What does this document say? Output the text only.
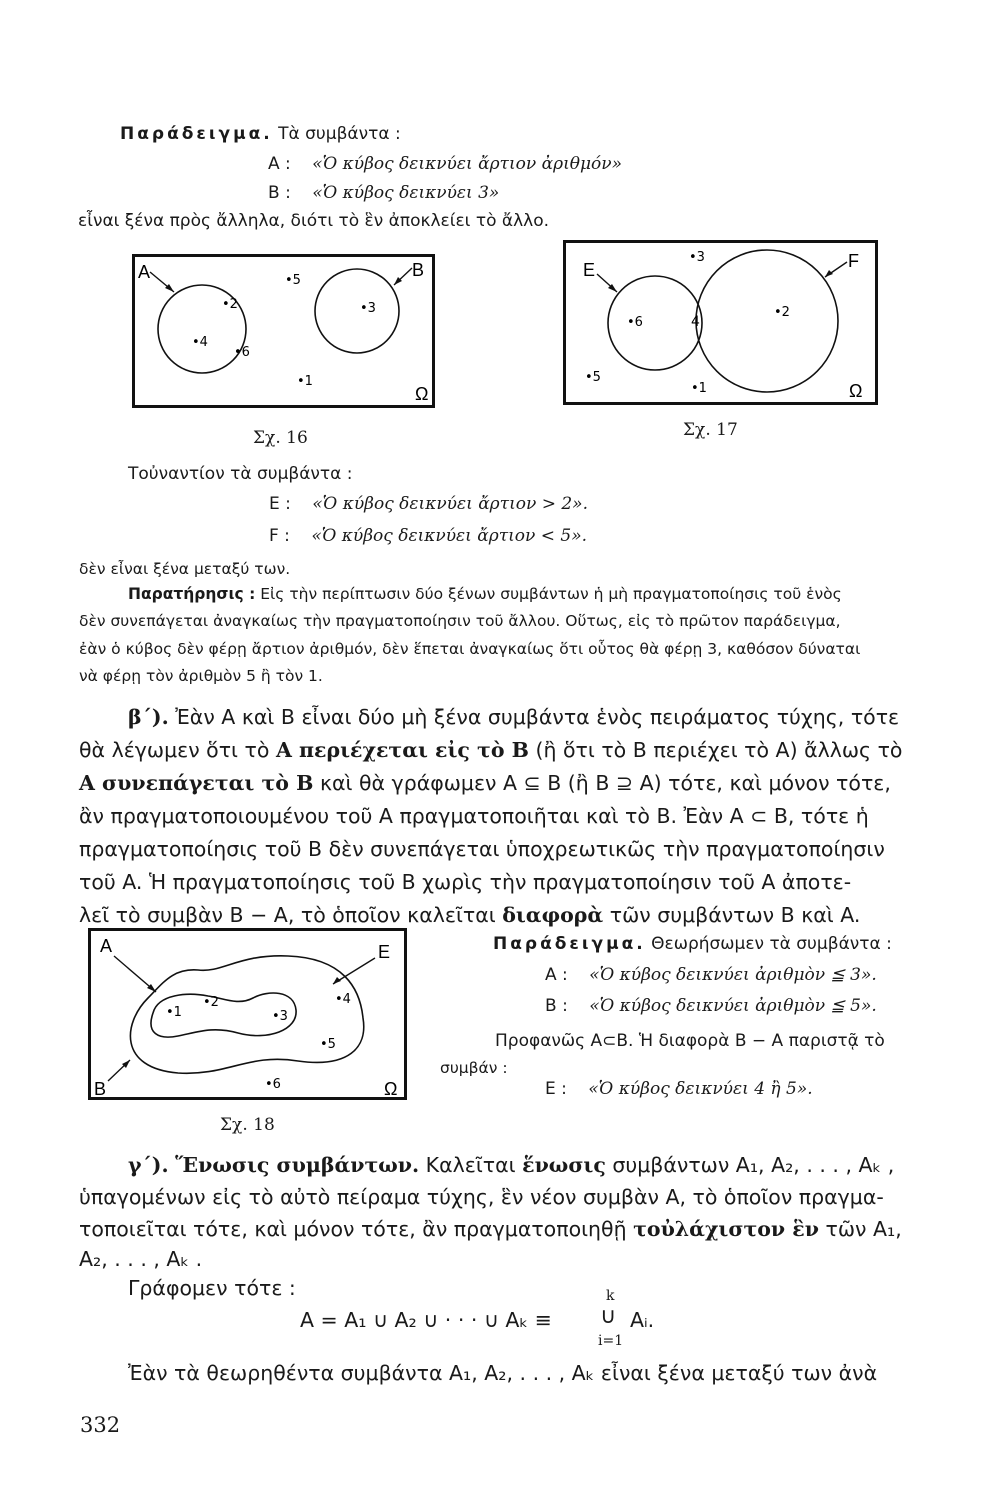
Παράδειγμα. Τὰ συμβάντα :
A : «Ὁ κύβος δεικνύει ἄρτιον ἀριθμόν»
B : «Ὁ κύβος δεικνύει 3»
εἶναι ξένα πρὸς ἄλληλα, διότι τὸ ἓν ἀποκλείει τὸ ἄλλο.
A	B
Ω
•2
•4
•6
•5
•3
•1
Σχ. 16
E	F
Ω
•3
•6	4
•2
•5
•1
Σχ. 17
Τοὐναντίον τὰ συμβάντα :
E : «Ὁ κύβος δεικνύει ἄρτιον > 2».
F : «Ὁ κύβος δεικνύει ἄρτιον < 5».
δὲν εἶναι ξένα μεταξύ των.
Παρατήρησις : Εἰς τὴν περίπτωσιν δύο ξένων συμβάντων ἡ μὴ πραγματοποίησις τοῦ ἑνὸς
δὲν συνεπάγεται ἀναγκαίως τὴν πραγματοποίησιν τοῦ ἄλλου. Οὕτως, εἰς τὸ πρῶτον παράδειγμα,
ἐὰν ὁ κύβος δὲν φέρῃ ἄρτιον ἀριθμόν, δὲν ἕπεται ἀναγκαίως ὅτι οὗτος θὰ φέρῃ 3, καθόσον δύναται
νὰ φέρῃ τὸν ἀριθμὸν 5 ἢ τὸν 1.
β΄). Ἐὰν A καὶ B εἶναι δύο μὴ ξένα συμβάντα ἑνὸς πειράματος τύχης, τότε
θὰ λέγωμεν ὅτι τὸ A περιέχεται εἰς τὸ B (ἢ ὅτι τὸ B περιέχει τὸ A) ἄλλως τὸ
A συνεπάγεται τὸ B καὶ θὰ γράφωμεν A ⊆ B (ἢ B ⊇ A) τότε, καὶ μόνον τότε,
ἂν πραγματοποιουμένου τοῦ A πραγματοποιῆται καὶ τὸ B. Ἐὰν A ⊂ B, τότε ἡ
πραγματοποίησις τοῦ B δὲν συνεπάγεται ὑποχρεωτικῶς τὴν πραγματοποίησιν
τοῦ A. Ἡ πραγματοποίησις τοῦ B χωρὶς τὴν πραγματοποίησιν τοῦ A ἀποτε-
λεῖ τὸ συμβὰν B − A, τὸ ὁποῖον καλεῖται διαφορὰ τῶν συμβάντων B καὶ A.
A	E
B	Ω
•1
•2
•3
•4
•5
•6
Σχ. 18
Παράδειγμα. Θεωρήσωμεν τὰ συμβάντα :
A : «Ὁ κύβος δεικνύει ἀριθμὸν ≦ 3».
B : «Ὁ κύβος δεικνύει ἀριθμὸν ≦ 5».
Προφανῶς A⊂B. Ἡ διαφορὰ B − A παριστᾷ τὸ
συμβάν :
E : «Ὁ κύβος δεικνύει 4 ἢ 5».
γ΄). Ἕνωσις συμβάντων. Καλεῖται ἕνωσις συμβάντων A₁, A₂, . . . , Aₖ ,
ὑπαγομένων εἰς τὸ αὐτὸ πείραμα τύχης, ἓν νέον συμβὰν A, τὸ ὁποῖον πραγμα-
τοποιεῖται τότε, καὶ μόνον τότε, ἂν πραγματοποιηθῇ τοὐλάχιστον ἓν τῶν A₁,
A₂, . . . , Aₖ .
Γράφομεν τότε :
A = A₁ ∪ A₂ ∪ · · · ∪ Aₖ ≡
k
∪
i=1
Aᵢ.
Ἐὰν τὰ θεωρηθέντα συμβάντα A₁, A₂, . . . , Aₖ εἶναι ξένα μεταξύ των ἀνὰ
332
